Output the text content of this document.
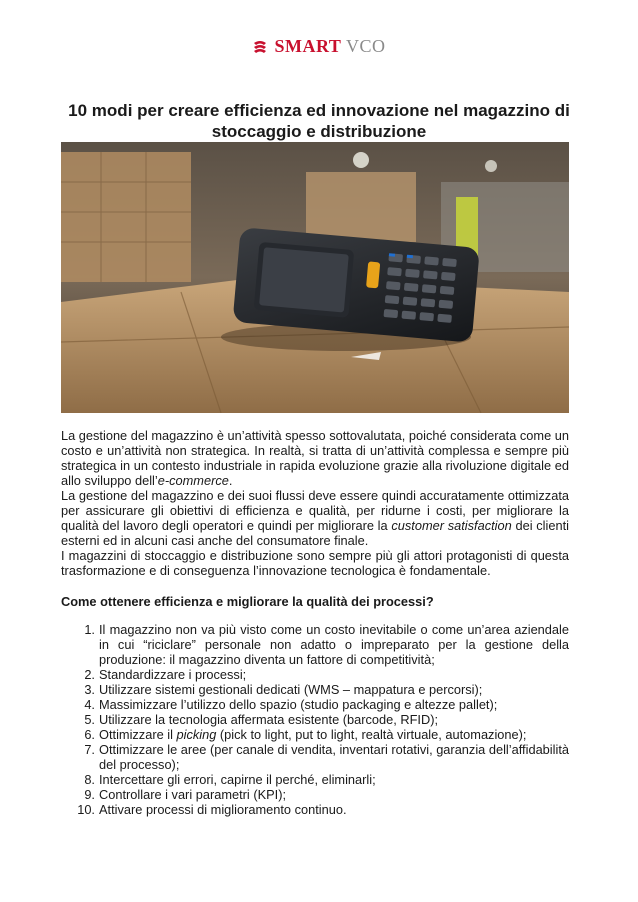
SMART VCO
10 modi per creare efficienza ed innovazione nel magazzino di stoccaggio e distribuzione

La gestione del magazzino è un’attività spesso sottovalutata, poiché considerata come un costo e un’attività non strategica. In realtà, si tratta di un’attività complessa e sempre più strategica in un contesto industriale in rapida evoluzione grazie alla rivoluzione digitale ed allo sviluppo dell’e-commerce.

La gestione del magazzino e dei suoi flussi deve essere quindi accuratamente ottimizzata per assicurare gli obiettivi di efficienza e qualità, per ridurne i costi, per migliorare la qualità del lavoro degli operatori e quindi per migliorare la customer satisfaction dei clienti esterni ed in alcuni casi anche del consumatore finale.

I magazzini di stoccaggio e distribuzione sono sempre più gli attori protagonisti di questa trasformazione e di conseguenza l’innovazione tecnologica è fondamentale.

Come ottenere efficienza e migliorare la qualità dei processi?
1. Il magazzino non va più visto come un costo inevitabile o come un’area aziendale in cui “riciclare” personale non adatto o impreparato per la gestione della produzione: il magazzino diventa un fattore di competitività;
2. Standardizzare i processi;
3. Utilizzare sistemi gestionali dedicati (WMS – mappatura e percorsi);
4. Massimizzare l’utilizzo dello spazio (studio packaging e altezze pallet);
5. Utilizzare la tecnologia affermata esistente (barcode, RFID);
6. Ottimizzare il picking (pick to light, put to light, realtà virtuale, automazione);
7. Ottimizzare le aree (per canale di vendita, inventari rotativi, garanzia dell’affidabilità del processo);
8. Intercettare gli errori, capirne il perché, eliminarli;
9. Controllare i vari parametri (KPI);
10. Attivare processi di miglioramento continuo.
